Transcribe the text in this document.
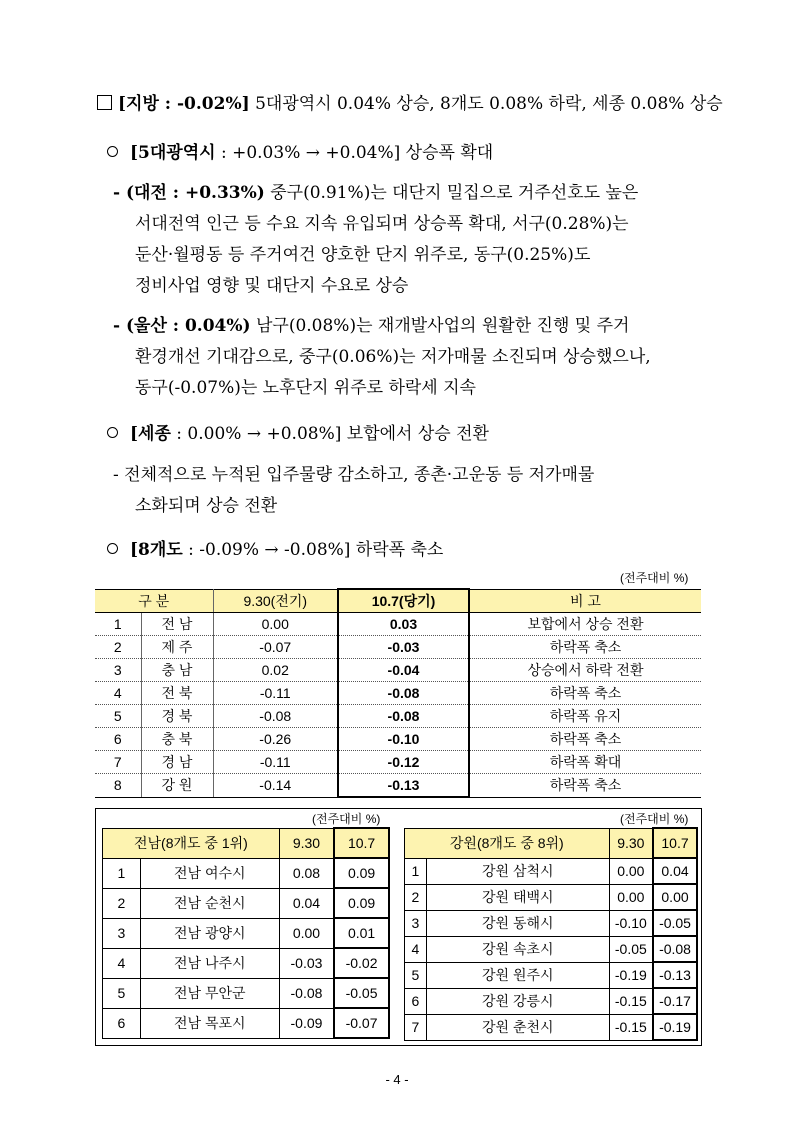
[지방 : -0.02%] 5대광역시 0.04% 상승, 8개도 0.08% 하락, 세종 0.08% 상승
[5대광역시 : +0.03% → +0.04%] 상승폭 확대
- (대전 : +0.33%) 중구(0.91%)는 대단지 밀집으로 거주선호도 높은
서대전역 인근 등 수요 지속 유입되며 상승폭 확대, 서구(0.28%)는
둔산·월평동 등 주거여건 양호한 단지 위주로, 동구(0.25%)도
정비사업 영향 및 대단지 수요로 상승
- (울산 : 0.04%) 남구(0.08%)는 재개발사업의 원활한 진행 및 주거
환경개선 기대감으로, 중구(0.06%)는 저가매물 소진되며 상승했으나,
동구(-0.07%)는 노후단지 위주로 하락세 지속
[세종 : 0.00% → +0.08%] 보합에서 상승 전환
- 전체적으로 누적된 입주물량 감소하고, 종촌·고운동 등 저가매물
소화되며 상승 전환
[8개도 : -0.09% → -0.08%] 하락폭 축소
(전주대비 %)
구 분		9.30(전기)	10.7(당기)	비 고
1	전 남	0.00	0.03	보합에서 상승 전환
2	제 주	-0.07	-0.03	하락폭 축소
3	충 남	0.02	-0.04	상승에서 하락 전환
4	전 북	-0.11	-0.08	하락폭 축소
5	경 북	-0.08	-0.08	하락폭 유지
6	충 북	-0.26	-0.10	하락폭 축소
7	경 남	-0.11	-0.12	하락폭 확대
8	강 원	-0.14	-0.13	하락폭 축소
(전주대비 %)
전남(8개도 중 1위)		9.30	10.7
1	전남 여수시	0.08	0.09
2	전남 순천시	0.04	0.09
3	전남 광양시	0.00	0.01
4	전남 나주시	-0.03	-0.02
5	전남 무안군	-0.08	-0.05
6	전남 목포시	-0.09	-0.07
(전주대비 %)
강원(8개도 중 8위)		9.30	10.7
1	강원 삼척시	0.00	0.04
2	강원 태백시	0.00	0.00
3	강원 동해시	-0.10	-0.05
4	강원 속초시	-0.05	-0.08
5	강원 원주시	-0.19	-0.13
6	강원 강릉시	-0.15	-0.17
7	강원 춘천시	-0.15	-0.19
- 4 -
